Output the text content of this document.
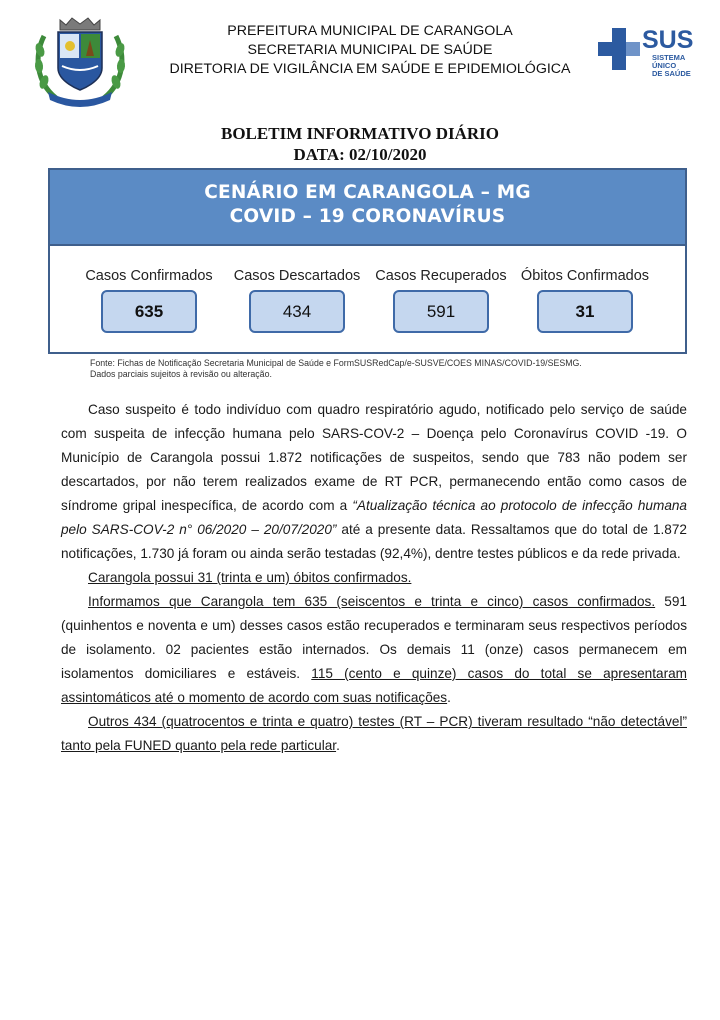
PREFEITURA MUNICIPAL DE CARANGOLA
SECRETARIA MUNICIPAL DE SAÚDE
DIRETORIA DE VIGILÂNCIA EM SAÚDE E EPIDEMIOLÓGICA
SUS
SISTEMA
ÚNICO
DE SAÚDE
BOLETIM INFORMATIVO DIÁRIO
DATA: 02/10/2020
CENÁRIO EM CARANGOLA – MG
COVID – 19 CORONAVÍRUS
Casos Confirmados
635
Casos Descartados
434
Casos Recuperados
591
Óbitos Confirmados
31
Fonte: Fichas de Notificação Secretaria Municipal de Saúde e FormSUSRedCap/e-SUSVE/COES MINAS/COVID-19/SESMG.
Dados parciais sujeitos à revisão ou alteração.

Caso suspeito é todo indivíduo com quadro respiratório agudo, notificado pelo serviço de saúde com suspeita de infecção humana pelo SARS-COV-2 – Doença pelo Coronavírus COVID -19. O Município de Carangola possui 1.872 notificações de suspeitos, sendo que 783 não podem ser descartados, por não terem realizados exame de RT PCR, permanecendo então como casos de síndrome gripal inespecífica, de acordo com a “Atualização técnica ao protocolo de infecção humana pelo SARS-COV-2 n° 06/2020 – 20/07/2020” até a presente data. Ressaltamos que do total de 1.872 notificações, 1.730 já foram ou ainda serão testadas (92,4%), dentre testes públicos e da rede privada.

Carangola possui 31 (trinta e um) óbitos confirmados.

Informamos que Carangola tem 635 (seiscentos e trinta e cinco) casos confirmados. 591 (quinhentos e noventa e um) desses casos estão recuperados e terminaram seus respectivos períodos de isolamento. 02 pacientes estão internados. Os demais 11 (onze) casos permanecem em isolamentos domiciliares e estáveis. 115 (cento e quinze) casos do total se apresentaram assintomáticos até o momento de acordo com suas notificações.

Outros 434 (quatrocentos e trinta e quatro) testes (RT – PCR) tiveram resultado “não detectável” tanto pela FUNED quanto pela rede particular.
